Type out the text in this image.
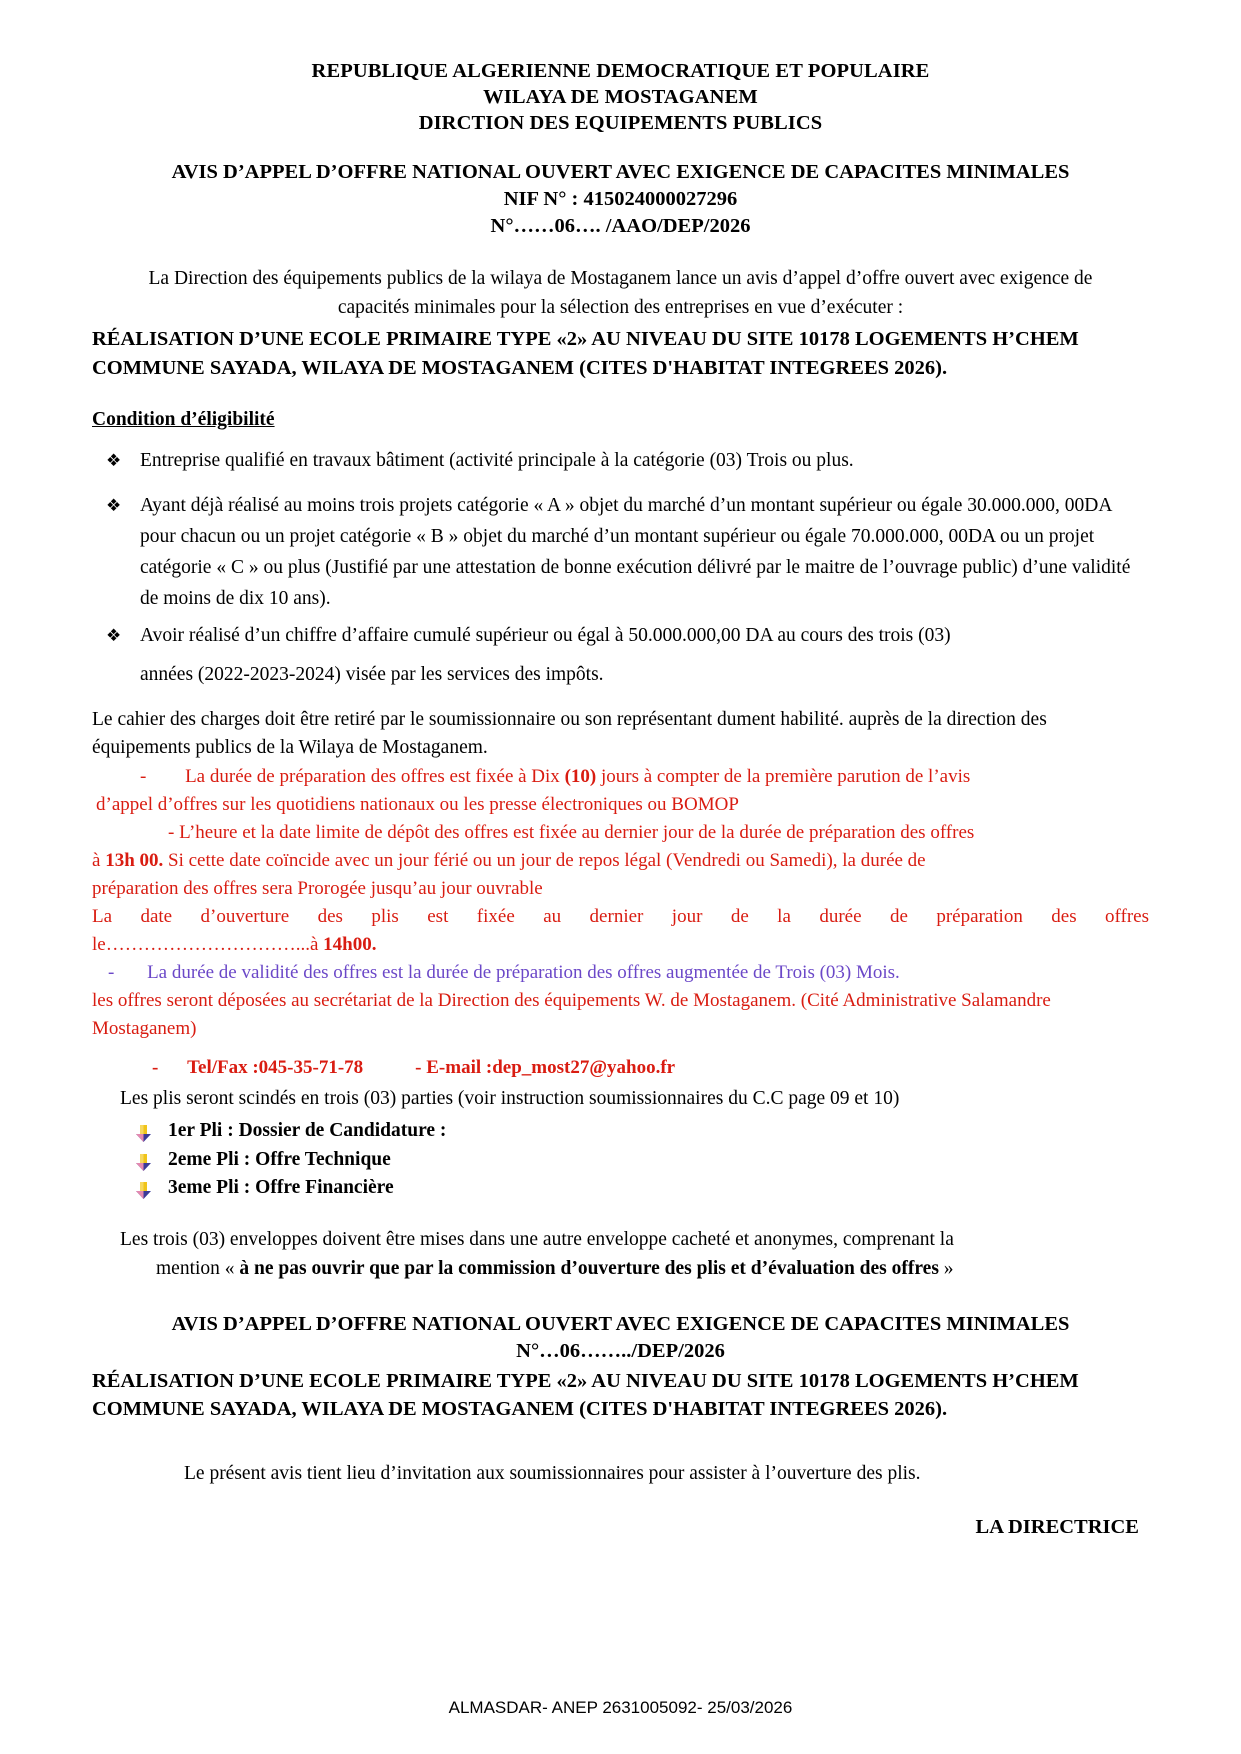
REPUBLIQUE ALGERIENNE DEMOCRATIQUE ET POPULAIRE
WILAYA DE MOSTAGANEM
DIRCTION DES EQUIPEMENTS PUBLICS
AVIS D’APPEL D’OFFRE NATIONAL OUVERT AVEC EXIGENCE DE CAPACITES MINIMALES
NIF N° : 415024000027296
N°……06…. /AAO/DEP/2026
La Direction des équipements publics de la wilaya de Mostaganem lance un avis d’appel d’offre ouvert avec exigence de capacités minimales pour la sélection des entreprises en vue d’exécuter :
RÉALISATION D’UNE ECOLE PRIMAIRE TYPE «2» AU NIVEAU DU SITE 10178 LOGEMENTS H’CHEM COMMUNE SAYADA, WILAYA DE MOSTAGANEM (CITES D'HABITAT INTEGREES 2026).
Condition d’éligibilité
❖ Entreprise qualifié en travaux bâtiment (activité principale à la catégorie (03) Trois ou plus.
❖ Ayant déjà réalisé au moins trois projets catégorie « A » objet du marché d’un montant supérieur ou égale 30.000.000, 00DA pour chacun ou un projet catégorie « B » objet du marché d’un montant supérieur ou égale 70.000.000, 00DA ou un projet catégorie « C » ou plus (Justifié par une attestation de bonne exécution délivré par le maitre de l’ouvrage public) d’une validité de moins de dix 10 ans).
❖ Avoir réalisé d’un chiffre d’affaire cumulé supérieur ou égal à 50.000.000,00 DA au cours des trois (03)
années (2022-2023-2024) visée par les services des impôts.
Le cahier des charges doit être retiré par le soumissionnaire ou son représentant dument habilité. auprès de la direction des équipements publics de la Wilaya de Mostaganem.
- La durée de préparation des offres est fixée à Dix (10) jours à compter de la première parution de l’avis
d’appel d’offres sur les quotidiens nationaux ou les presse électroniques ou BOMOP
- L’heure et la date limite de dépôt des offres est fixée au dernier jour de la durée de préparation des offres
à 13h 00. Si cette date coïncide avec un jour férié ou un jour de repos légal (Vendredi ou Samedi), la durée de
préparation des offres sera Prorogée jusqu’au jour ouvrable
La date d’ouverture des plis est fixée au dernier jour de la durée de préparation des offres
le…………………………...à 14h00.
- La durée de validité des offres est la durée de préparation des offres augmentée de Trois (03) Mois.
les offres seront déposées au secrétariat de la Direction des équipements W. de Mostaganem. (Cité Administrative Salamandre Mostaganem)
- Tel/Fax :045-35-71-78	- E-mail :dep_most27@yahoo.fr
Les plis seront scindés en trois (03) parties (voir instruction soumissionnaires du C.C page 09 et 10)
1er Pli : Dossier de Candidature :
2eme Pli : Offre Technique
3eme Pli : Offre Financière
Les trois (03) enveloppes doivent être mises dans une autre enveloppe cacheté et anonymes, comprenant la
mention « à ne pas ouvrir que par la commission d’ouverture des plis et d’évaluation des offres »
AVIS D’APPEL D’OFFRE NATIONAL OUVERT AVEC EXIGENCE DE CAPACITES MINIMALES
N°…06……../DEP/2026
RÉALISATION D’UNE ECOLE PRIMAIRE TYPE «2» AU NIVEAU DU SITE 10178 LOGEMENTS H’CHEM COMMUNE SAYADA, WILAYA DE MOSTAGANEM (CITES D'HABITAT INTEGREES 2026).
Le présent avis tient lieu d’invitation aux soumissionnaires pour assister à l’ouverture des plis.
LA DIRECTRICE
ALMASDAR- ANEP 2631005092- 25/03/2026
